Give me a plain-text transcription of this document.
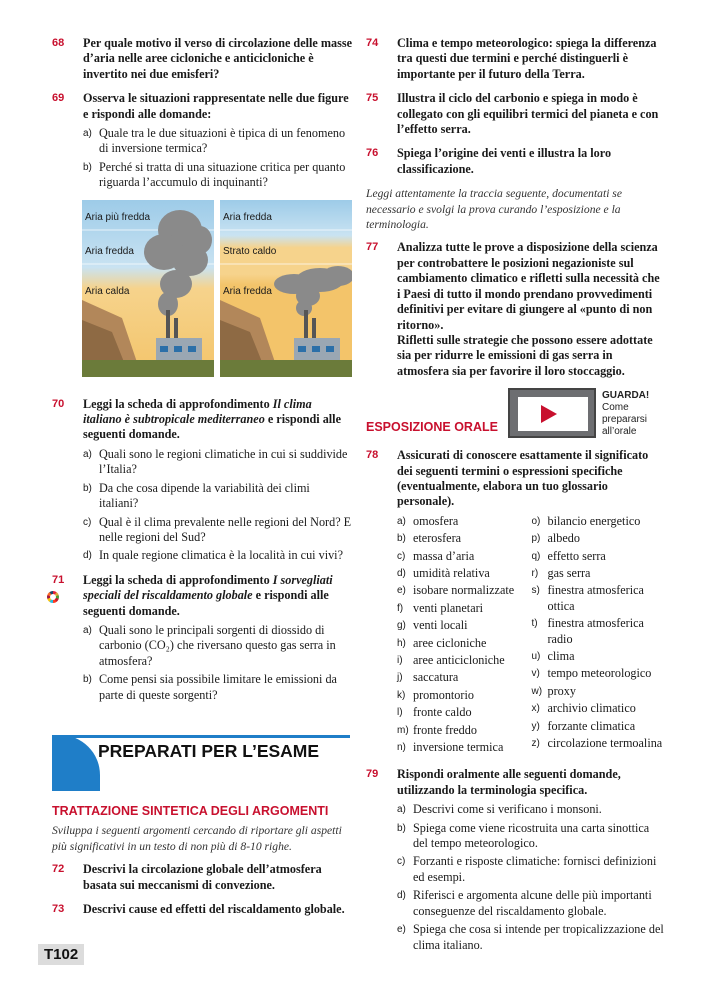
68	Per quale motivo il verso di circolazione delle masse d’aria nelle aree cicloniche e anticicloniche è invertito nei due emisferi?
69	Osserva le situazioni rappresentate nelle due figure e rispondi alle domande:
a) Quale tra le due situazioni è tipica di un fenomeno di inversione termica?
b) Perché si tratta di una situazione critica per quanto riguarda l’accumulo di inquinanti?
Aria più fredda
Aria fredda
Aria calda
Aria fredda
Strato caldo
Aria fredda
70	Leggi la scheda di approfondimento Il clima italiano è subtropicale mediterraneo e rispondi alle seguenti domande.
a) Quali sono le regioni climatiche in cui si suddivide l’Italia?
b) Da che cosa dipende la variabilità dei climi italiani?
c) Qual è il clima prevalente nelle regioni del Nord? E nelle regioni del Sud?
d) In quale regione climatica è la località in cui vivi?
71	Leggi la scheda di approfondimento I sorvegliati speciali del riscaldamento globale e rispondi alle seguenti domande.
a) Quali sono le principali sorgenti di diossido di carbonio (CO₂) che riversano questo gas serra in atmosfera?
b) Come pensi sia possibile limitare le emissioni da parte di queste sorgenti?
PREPARATI PER L’ESAME
TRATTAZIONE SINTETICA DEGLI ARGOMENTI
Sviluppa i seguenti argomenti cercando di riportare gli aspetti più significativi in un testo di non più di 8-10 righe.
72	Descrivi la circolazione globale dell’atmosfera basata sui meccanismi di convezione.
73	Descrivi cause ed effetti del riscaldamento globale.
74	Clima e tempo meteorologico: spiega la differenza tra questi due termini e perché distinguerli è importante per il futuro della Terra.
75	Illustra il ciclo del carbonio e spiega in modo è collegato con gli equilibri termici del pianeta e con l’effetto serra.
76	Spiega l’origine dei venti e illustra la loro classificazione.
Leggi attentamente la traccia seguente, documentati se necessario e svolgi la prova curando l’esposizione e la terminologia.
77	Analizza tutte le prove a disposizione della scienza per controbattere le posizioni negazioniste sul cambiamento climatico e rifletti sulla necessità che i Paesi di tutto il mondo prendano provvedimenti definitivi per evitare di giungere al «punto di non ritorno».
Rifletti sulle strategie che possono essere adottate sia per ridurre le emissioni di gas serra in atmosfera sia per favorire il loro stoccaggio.
ESPOSIZIONE ORALE
GUARDA!
Come
prepararsi
all’orale
78	Assicurati di conoscere esattamente il significato dei seguenti termini o espressioni specifiche (eventualmente, elabora un tuo glossario personale).
a) omosfera
b) eterosfera
c) massa d’aria
d) umidità relativa
e) isobare normalizzate
f) venti planetari
g) venti locali
h) aree cicloniche
i) aree anticicloniche
j) saccatura
k) promontorio
l) fronte caldo
m) fronte freddo
n) inversione termica
o) bilancio energetico
p) albedo
q) effetto serra
r) gas serra
s) finestra atmosferica ottica
t) finestra atmosferica radio
u) clima
v) tempo meteorologico
w) proxy
x) archivio climatico
y) forzante climatica
z) circolazione termoalina
79	Rispondi oralmente alle seguenti domande, utilizzando la terminologia specifica.
a) Descrivi come si verificano i monsoni.
b) Spiega come viene ricostruita una carta sinottica del tempo meteorologico.
c) Forzanti e risposte climatiche: fornisci definizioni ed esempi.
d) Riferisci e argomenta alcune delle più importanti conseguenze del riscaldamento globale.
e) Spiega che cosa si intende per tropicalizzazione del clima italiano.
T102
